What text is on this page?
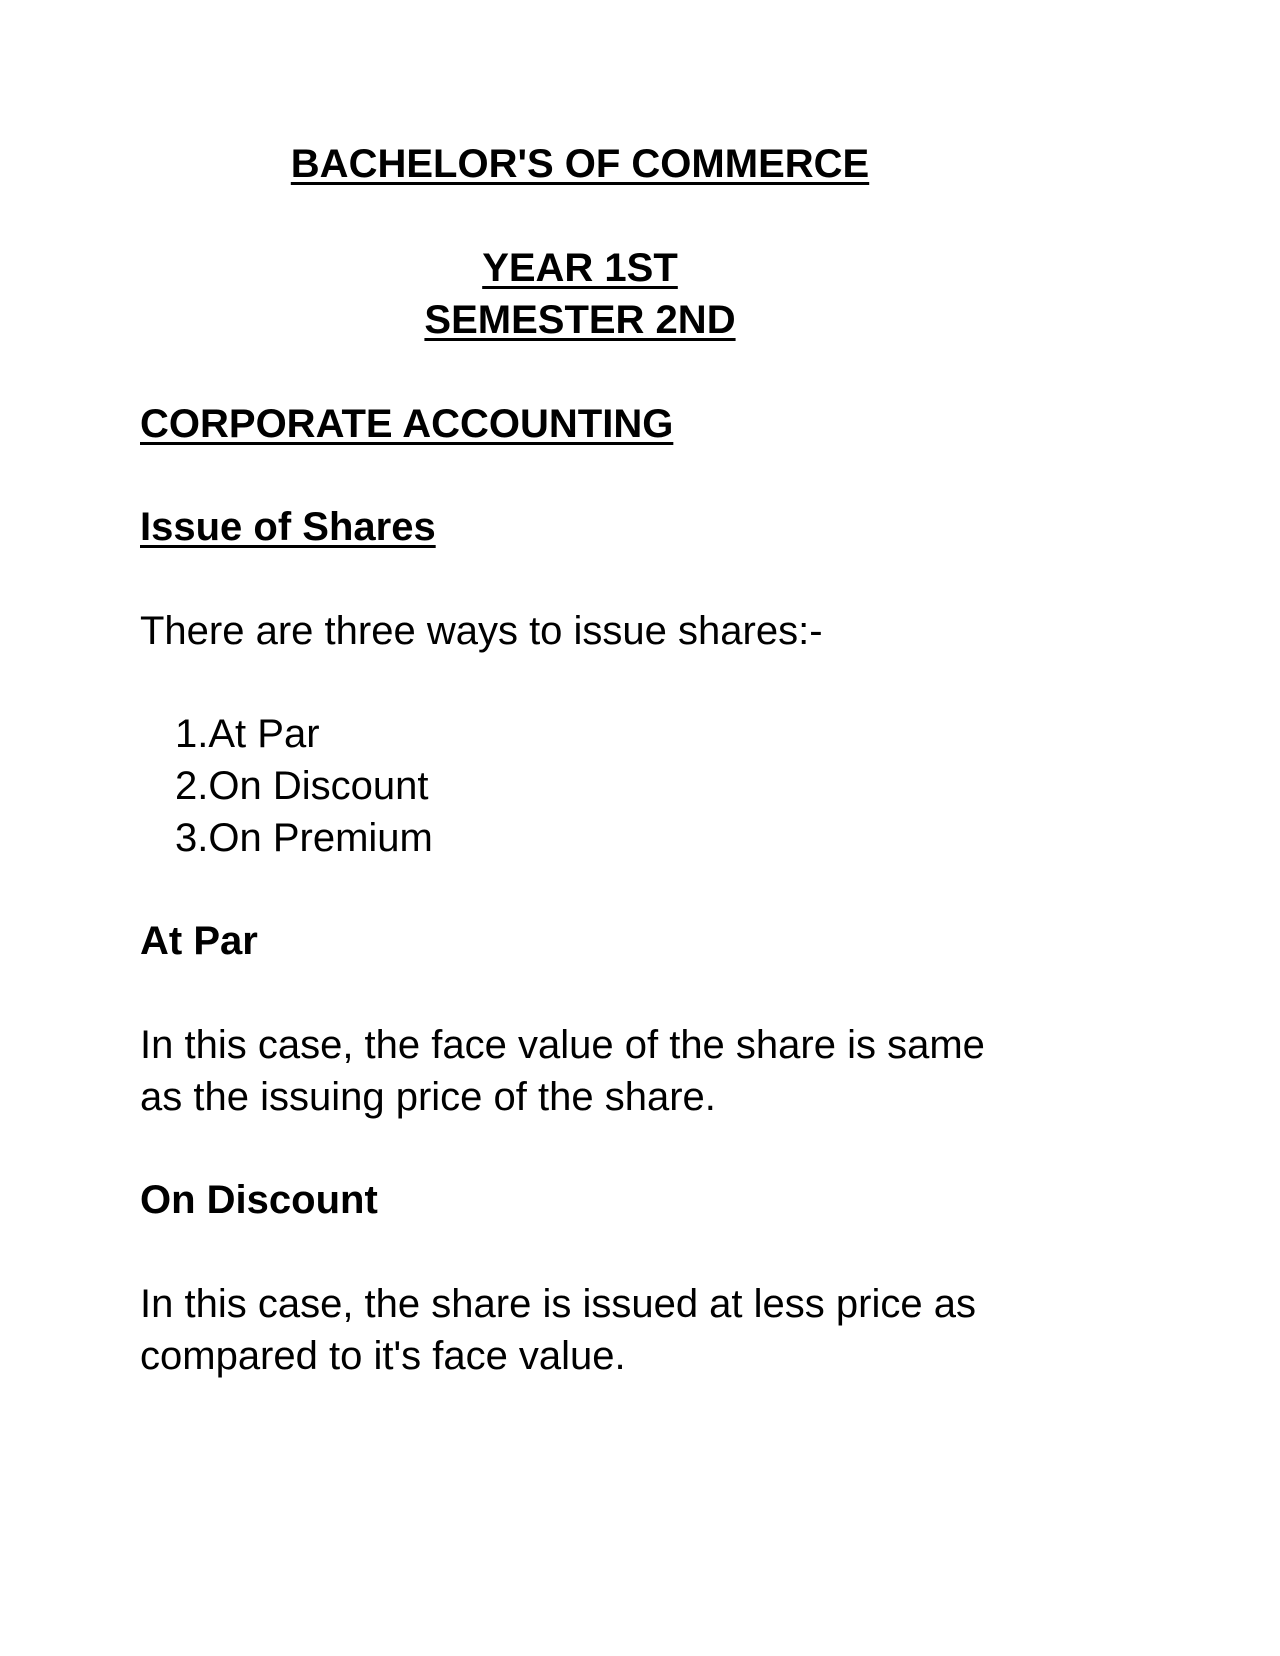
BACHELOR'S OF COMMERCE
YEAR 1ST
SEMESTER 2ND
CORPORATE ACCOUNTING
Issue of Shares

There are three ways to issue shares:-

1.At Par
2.On Discount
3.On Premium
At Par

In this case, the face value of the share is same

as the issuing price of the share.

On Discount

In this case, the share is issued at less price as

compared to it's face value.
